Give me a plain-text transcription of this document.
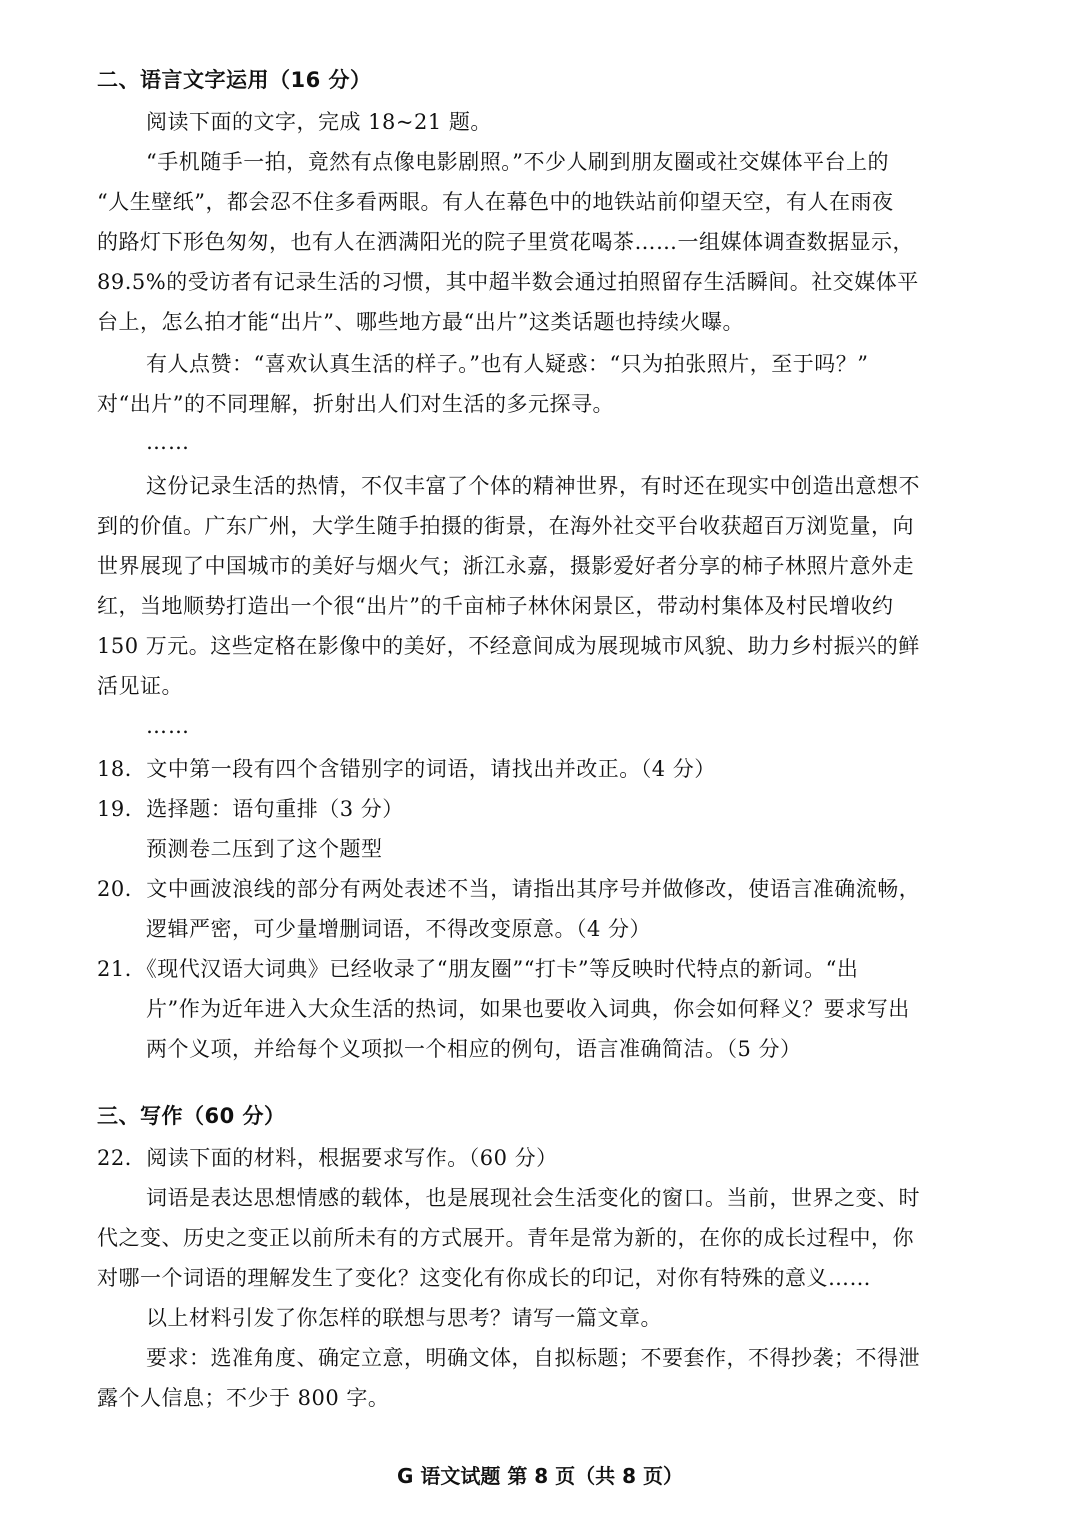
二、语言文字运用（16 分）
阅读下面的文字，完成 18~21 题。
“手机随手一拍，竟然有点像电影剧照。”不少人刷到朋友圈或社交媒体平台上的
“人生壁纸”，都会忍不住多看两眼。有人在幕色中的地铁站前仰望天空，有人在雨夜
的路灯下形色匆匆，也有人在洒满阳光的院子里赏花喝茶……一组媒体调查数据显示，
89.5%的受访者有记录生活的习惯，其中超半数会通过拍照留存生活瞬间。社交媒体平
台上，怎么拍才能“出片”、哪些地方最“出片”这类话题也持续火曝。
有人点赞：“喜欢认真生活的样子。”也有人疑惑：“只为拍张照片，至于吗？”
对“出片”的不同理解，折射出人们对生活的多元探寻。
……
这份记录生活的热情，不仅丰富了个体的精神世界，有时还在现实中创造出意想不
到的价值。广东广州，大学生随手拍摄的街景，在海外社交平台收获超百万浏览量，向
世界展现了中国城市的美好与烟火气；浙江永嘉，摄影爱好者分享的柿子林照片意外走
红，当地顺势打造出一个很“出片”的千亩柿子林休闲景区，带动村集体及村民增收约
150 万元。这些定格在影像中的美好，不经意间成为展现城市风貌、助力乡村振兴的鲜
活见证。
……
18．文中第一段有四个含错别字的词语，请找出并改正。（4 分）
19．选择题：语句重排（3 分）
预测卷二压到了这个题型
20．文中画波浪线的部分有两处表述不当，请指出其序号并做修改，使语言准确流畅，
逻辑严密，可少量增删词语，不得改变原意。（4 分）
21．《现代汉语大词典》已经收录了“朋友圈”“打卡”等反映时代特点的新词。“出
片”作为近年进入大众生活的热词，如果也要收入词典，你会如何释义？要求写出
两个义项，并给每个义项拟一个相应的例句，语言准确简洁。（5 分）
三、写作（60 分）
22．阅读下面的材料，根据要求写作。（60 分）
词语是表达思想情感的载体，也是展现社会生活变化的窗口。当前，世界之变、时
代之变、历史之变正以前所未有的方式展开。青年是常为新的，在你的成长过程中，你
对哪一个词语的理解发生了变化？这变化有你成长的印记，对你有特殊的意义……
以上材料引发了你怎样的联想与思考？请写一篇文章。
要求：选准角度、确定立意，明确文体，自拟标题；不要套作，不得抄袭；不得泄
露个人信息；不少于 800 字。
G 语文试题 第 8 页（共 8 页）
